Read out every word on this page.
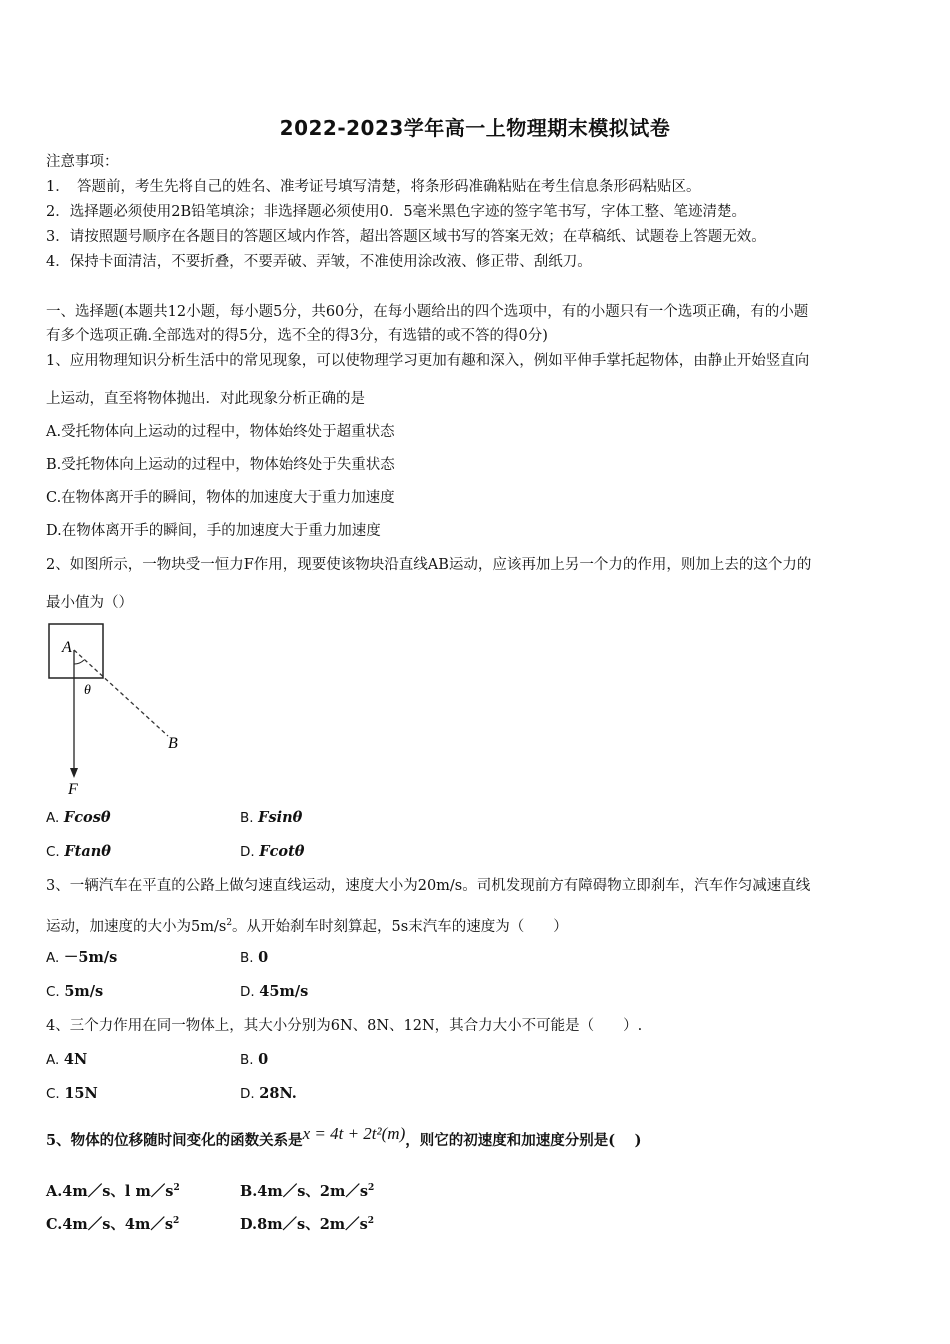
2022-2023学年高一上物理期末模拟试卷
注意事项：
1．　答题前，考生先将自己的姓名、准考证号填写清楚，将条形码准确粘贴在考生信息条形码粘贴区。
2．选择题必须使用2B铅笔填涂；非选择题必须使用0．5毫米黑色字迹的签字笔书写，字体工整、笔迹清楚。
3．请按照题号顺序在各题目的答题区域内作答，超出答题区域书写的答案无效；在草稿纸、试题卷上答题无效。
4．保持卡面清洁，不要折叠，不要弄破、弄皱，不准使用涂改液、修正带、刮纸刀。
一、选择题(本题共12小题，每小题5分，共60分，在每小题给出的四个选项中，有的小题只有一个选项正确，有的小题
有多个选项正确.全部选对的得5分，选不全的得3分，有选错的或不答的得0分)
1、应用物理知识分析生活中的常见现象，可以使物理学习更加有趣和深入，例如平伸手掌托起物体，由静止开始竖直向
上运动，直至将物体抛出．对此现象分析正确的是
A.受托物体向上运动的过程中，物体始终处于超重状态
B.受托物体向上运动的过程中，物体始终处于失重状态
C.在物体离开手的瞬间，物体的加速度大于重力加速度
D.在物体离开手的瞬间，手的加速度大于重力加速度
2、如图所示，一物块受一恒力F作用，现要使该物块沿直线AB运动，应该再加上另一个力的作用，则加上去的这个力的
最小值为（）
A
θ
B
F
A. Fcosθ	B. Fsinθ
C. Ftanθ	D. Fcotθ
3、一辆汽车在平直的公路上做匀速直线运动，速度大小为20m/s。司机发现前方有障碍物立即刹车，汽车作匀减速直线
运动，加速度的大小为$5m/s^2$。从开始刹车时刻算起，5s末汽车的速度为（　　）
A. －5m/s	B. 0
C. 5m/s	D. 45m/s
4、三个力作用在同一物体上，其大小分别为6N、8N、12N，其合力大小不可能是（　　）.
A. 4N	B. 0
C. 15N	D. 28N.
5、物体的位移随时间变化的函数关系是x = 4t + 2t²(m)，则它的初速度和加速度分别是(　 )
A.4m／s、l $m/s^2$	B.4m／s、$2m/s^2$
C.4m／s、$4m/s^2$	D.8m／s、$2m/s^2$
